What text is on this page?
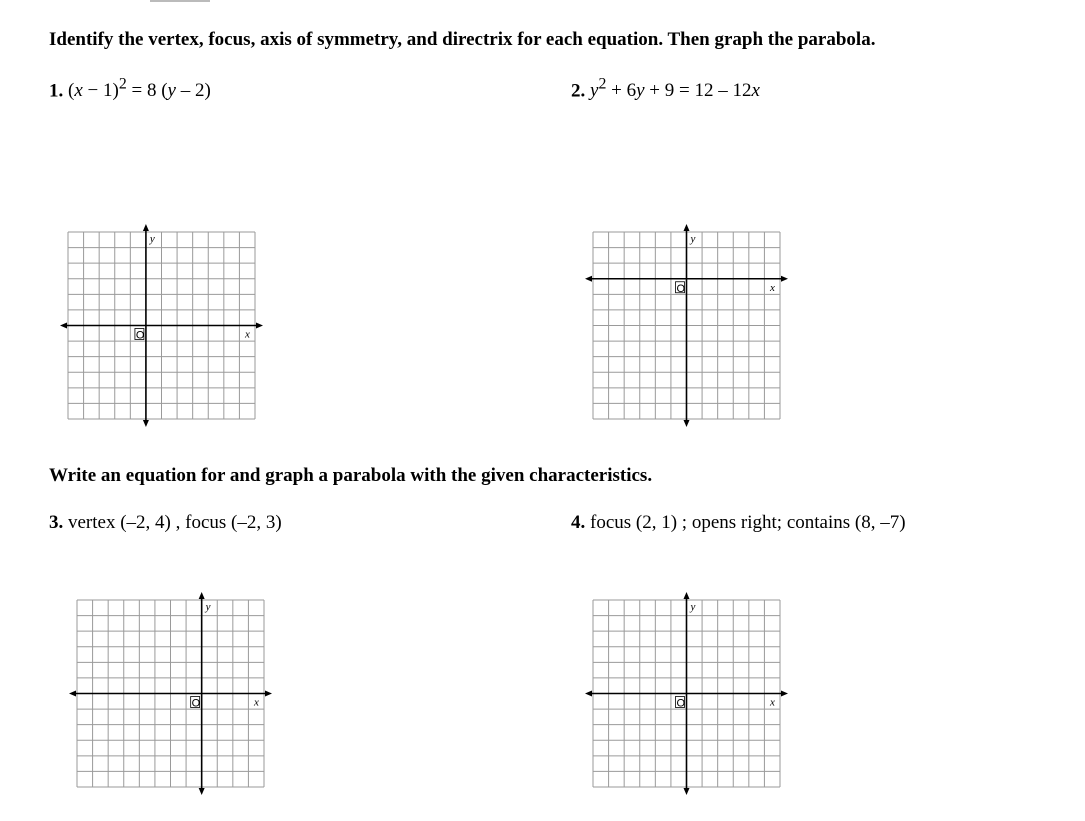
Identify the vertex, focus, axis of symmetry, and directrix for each equation. Then graph the parabola.
1. $(x - 1)^2 = 8$ (y – 2)	2. $y^2 + 6y + 9 = 12 - 12x$
y
x
O
y
x
O
Write an equation for and graph a parabola with the given characteristics.
3. vertex (–2, 4) , focus (–2, 3)	4. focus (2, 1) ; opens right; contains (8, –7)
y
x
O
y
x
O
